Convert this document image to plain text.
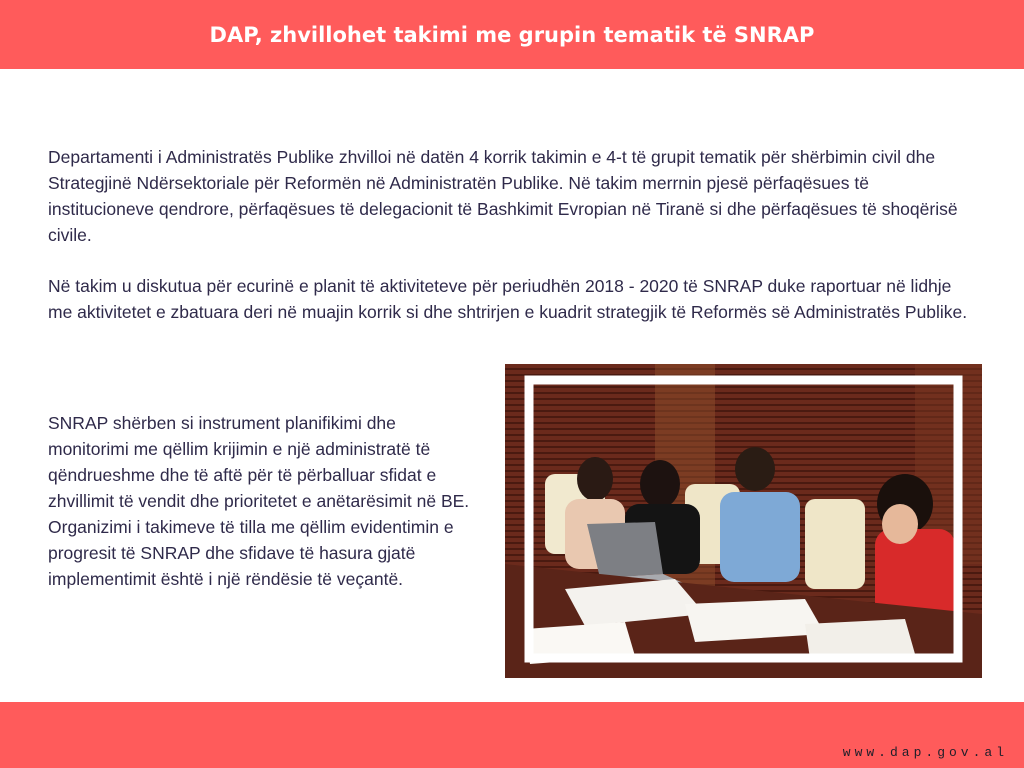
DAP, zhvillohet takimi me grupin tematik të SNRAP

Departamenti i Administratës Publike zhvilloi në datën 4 korrik takimin e 4-t të grupit tematik për shërbimin civil dhe Strategjinë Ndërsektoriale për Reformën në Administratën Publike. Në takim merrnin pjesë përfaqësues të institucioneve qendrore, përfaqësues të delegacionit të Bashkimit Evropian në Tiranë si dhe përfaqësues të shoqërisë civile.

Në takim u diskutua për ecurinë e planit të aktiviteteve për periudhën 2018 - 2020 të SNRAP duke raportuar në lidhje me aktivitetet e zbatuara deri në muajin korrik si dhe shtrirjen e kuadrit strategjik të Reformës së Administratës Publike.

SNRAP shërben si instrument planifikimi dhe monitorimi me qëllim krijimin e një administratë të qëndrueshme dhe të aftë për të përballuar sfidat e zhvillimit të vendit dhe prioritetet e anëtarësimit në BE. Organizimi i takimeve të tilla me qëllim evidentimin e progresit të SNRAP dhe sfidave të hasura gjatë implementimit është i një rëndësie të veçantë.

www.dap.gov.al
